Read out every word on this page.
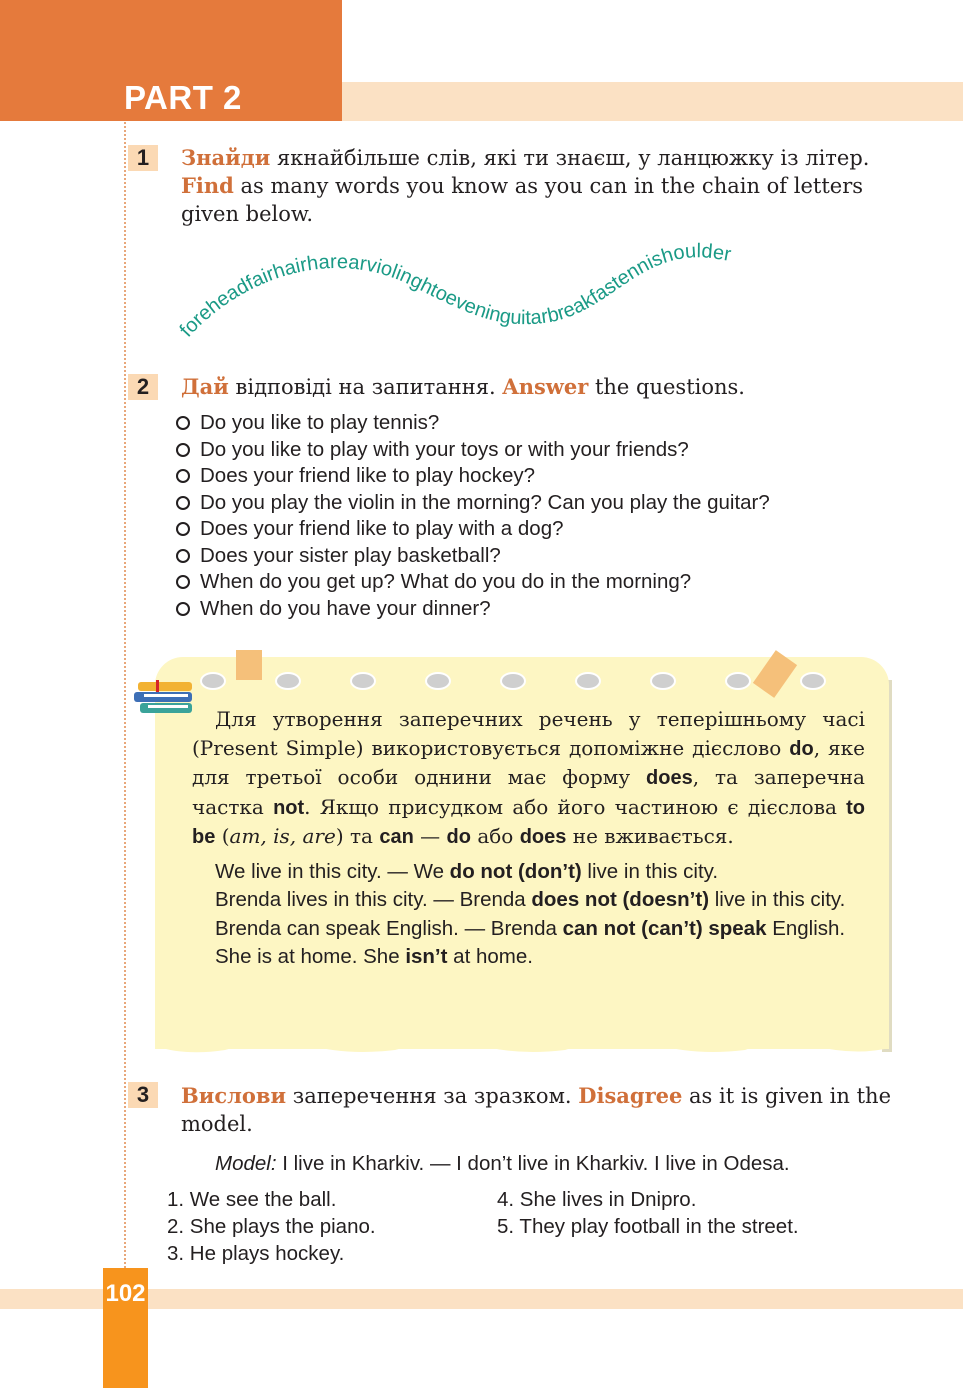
PART 2
1	Знайди якнайбільше слів, які ти знаєш, у ланцюжку із літер.
Find as many words you know as you can in the chain of letters given below.
foreheadfairhairharearviolinghtoeveninguitarbreakfastennishoulder
2	Дай відповіді на запитання. Answer the questions.
Do you like to play tennis?
Do you like to play with your toys or with your friends?
Does your friend like to play hockey?
Do you play the violin in the morning? Can you play the guitar?
Does your friend like to play with a dog?
Does your sister play basketball?
When do you get up? What do you do in the morning?
When do you have your dinner?

Для утворення заперечних речень у теперішньому часі (Present Simple) використовується допоміжне дієслово do, яке для третьої особи однини має форму does, та заперечна частка not. Якщо присудком або його частиною є дієслова to be (am, is, are) та can — do або does не вживається.

We live in this city. — We do not (don’t) live in this city.

Brenda lives in this city. — Brenda does not (doesn’t) live in this city.

Brenda can speak English. — Brenda can not (can’t) speak English.

She is at home. She isn’t at home.

3	Вислови заперечення за зразком. Disagree as it is given in the model.
Model: I live in Kharkiv. — I don’t live in Kharkiv. I live in Odesa.
1. We see the ball.
2. She plays the piano.
3. He plays hockey.
4. She lives in Dnipro.
5. They play football in the street.
102
